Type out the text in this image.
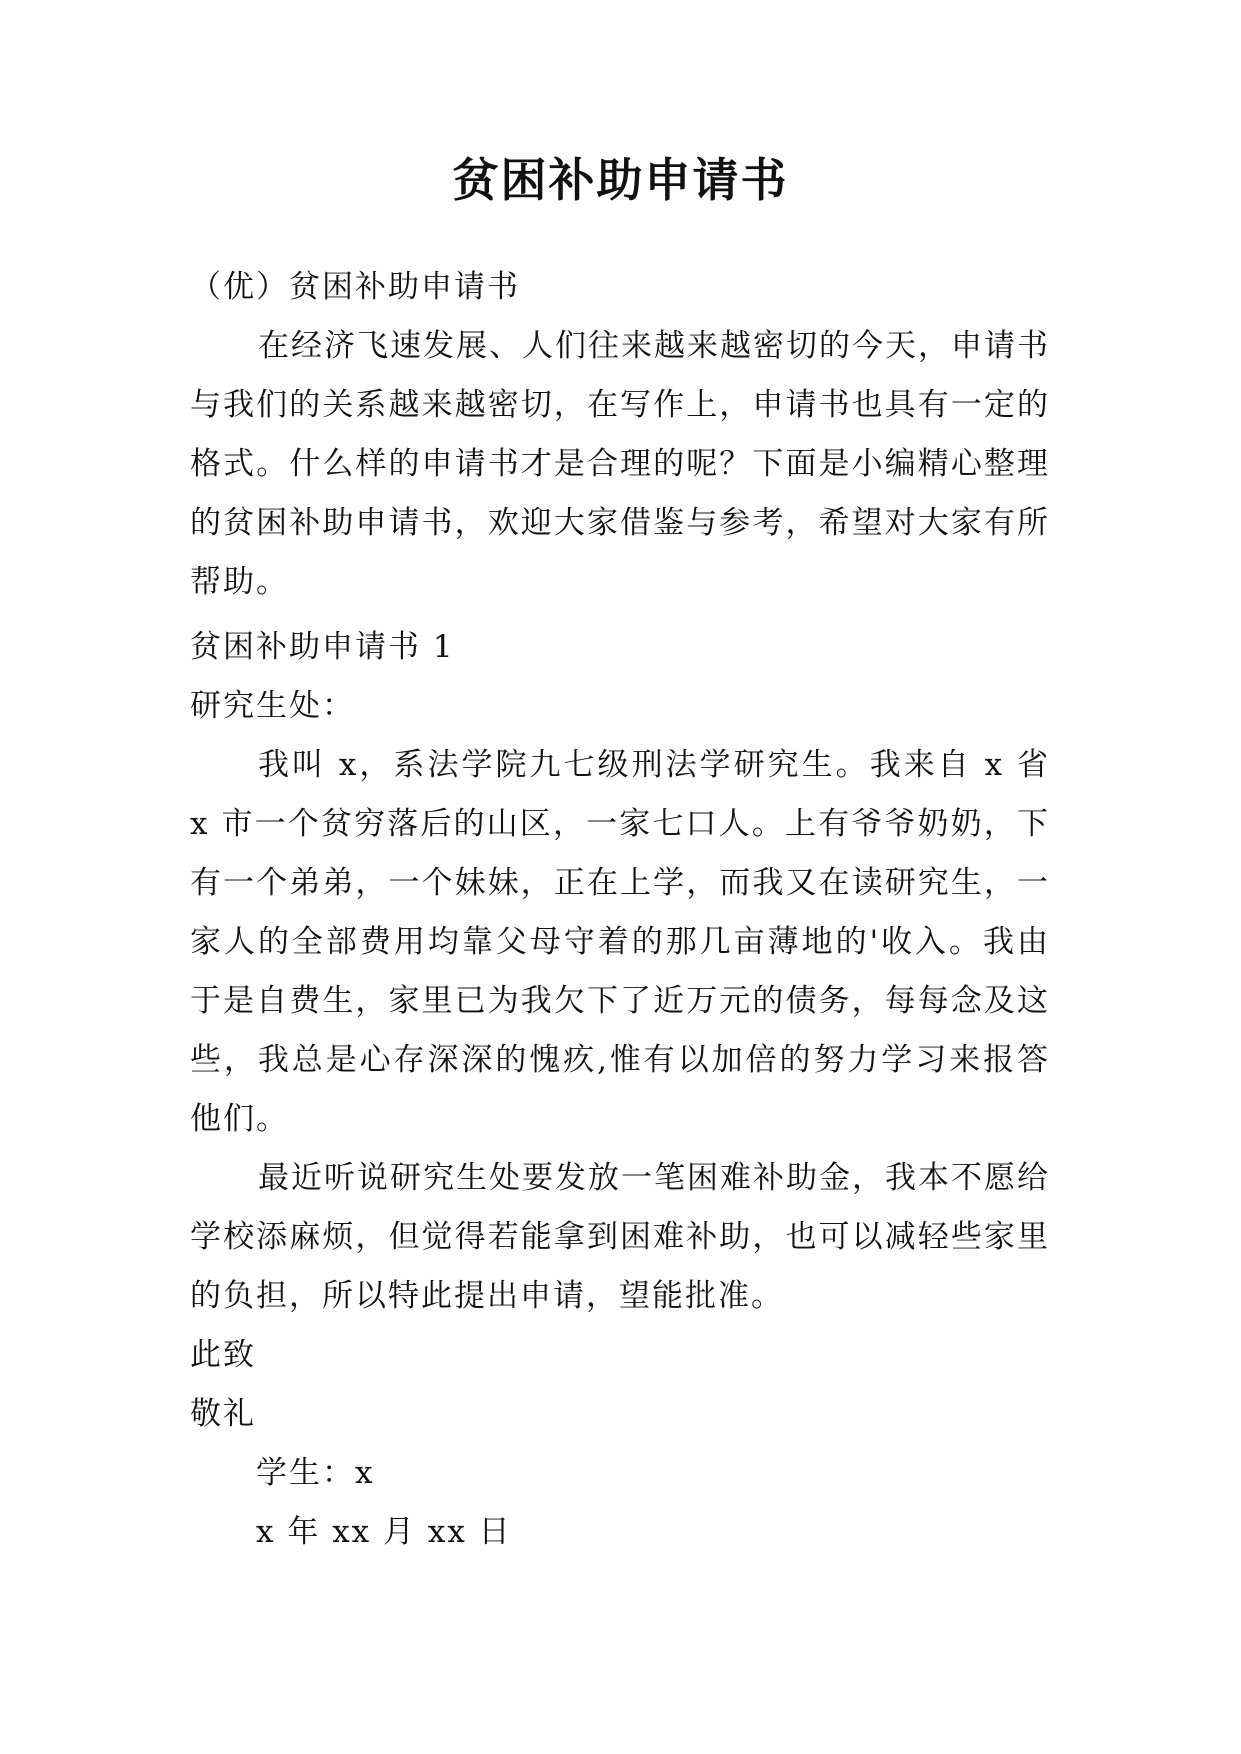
贫困补助申请书
（优）贫困补助申请书
在经济飞速发展、人们往来越来越密切的今天，申请书与我们的关系越来越密切，在写作上，申请书也具有一定的格式。什么样的申请书才是合理的呢？下面是小编精心整理的贫困补助申请书，欢迎大家借鉴与参考，希望对大家有所帮助。
贫困补助申请书 1
研究生处：
我叫 x，系法学院九七级刑法学研究生。我来自 x 省 x 市一个贫穷落后的山区，一家七口人。上有爷爷奶奶，下有一个弟弟，一个妹妹，正在上学，而我又在读研究生，一家人的全部费用均靠父母守着的那几亩薄地的'收入。我由于是自费生，家里已为我欠下了近万元的债务，每每念及这些，我总是心存深深的愧疚,惟有以加倍的努力学习来报答他们。
最近听说研究生处要发放一笔困难补助金，我本不愿给学校添麻烦，但觉得若能拿到困难补助，也可以减轻些家里的负担，所以特此提出申请，望能批准。
此致
敬礼
学生：x
x 年 xx 月 xx 日
